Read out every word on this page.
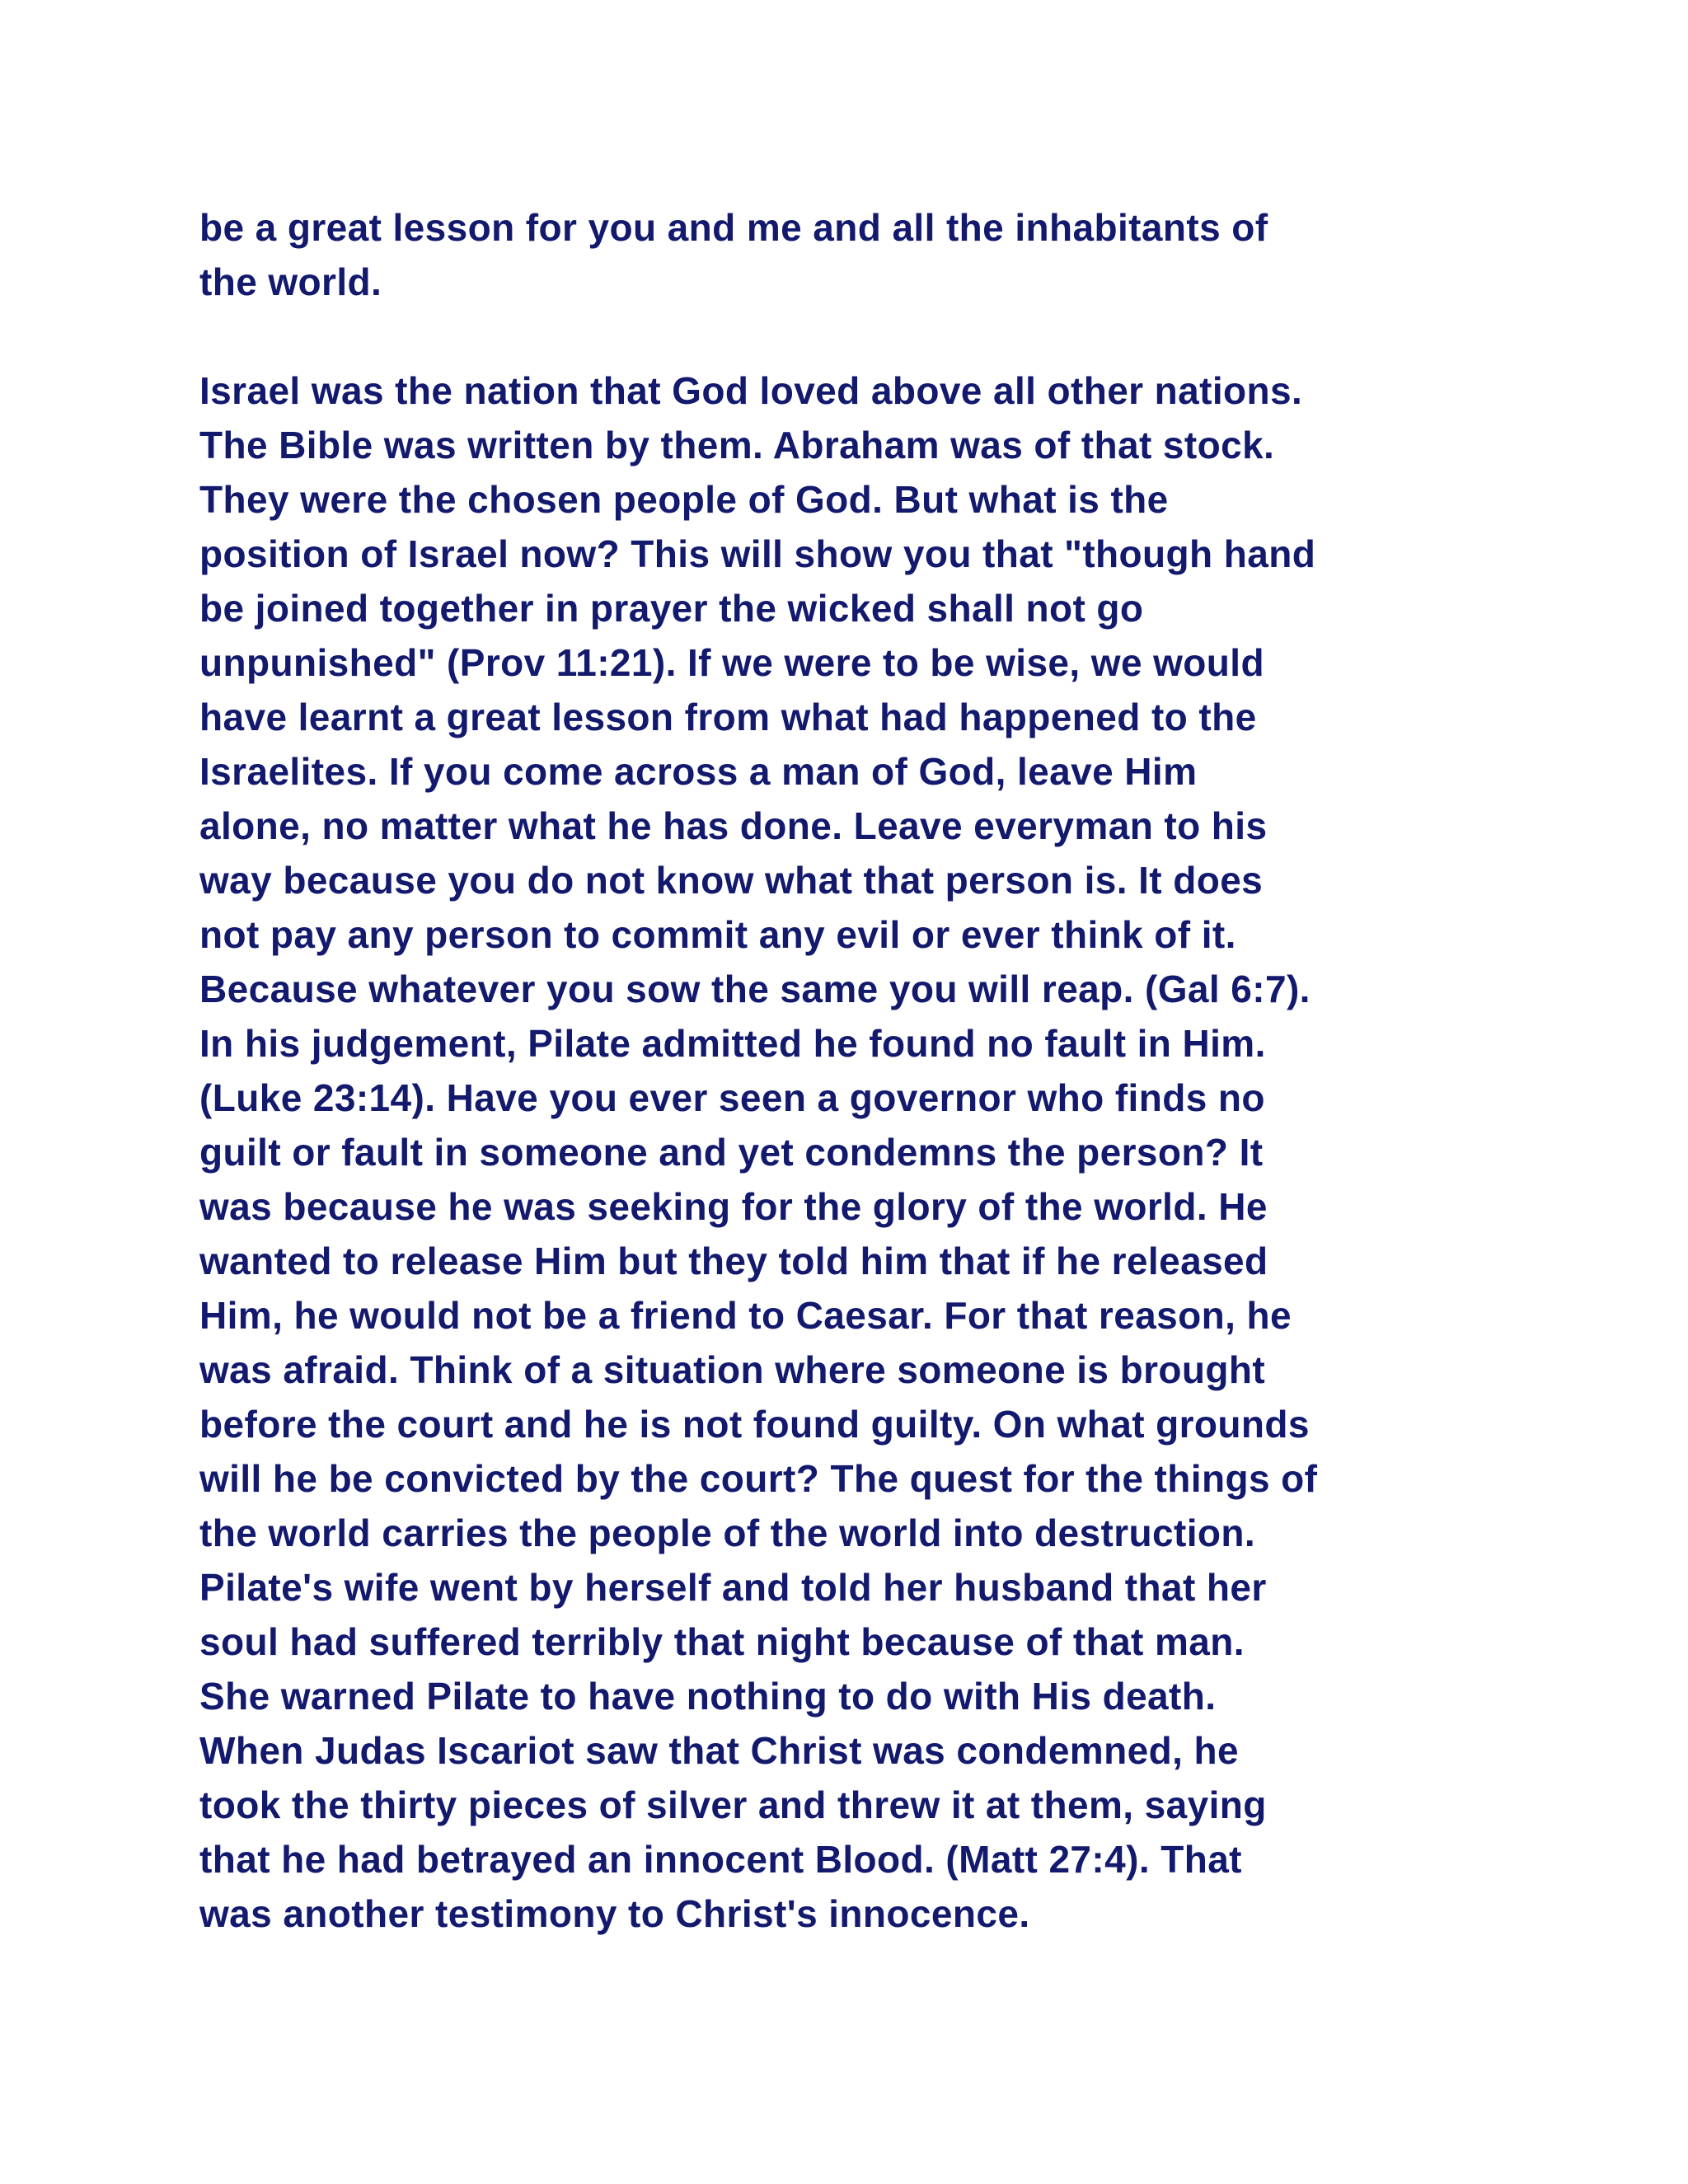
be a great lesson for you and me and all the inhabitants of
the world.
Israel was the nation that God loved above all other nations.
The Bible was written by them. Abraham was of that stock.
They were the chosen people of God. But what is the
position of Israel now? This will show you that "though hand
be joined together in prayer the wicked shall not go
unpunished" (Prov 11:21). If we were to be wise, we would
have learnt a great lesson from what had happened to the
Israelites. If you come across a man of God, leave Him
alone, no matter what he has done. Leave everyman to his
way because you do not know what that person is. It does
not pay any person to commit any evil or ever think of it.
Because whatever you sow the same you will reap. (Gal 6:7).
In his judgement, Pilate admitted he found no fault in Him.
(Luke 23:14). Have you ever seen a governor who finds no
guilt or fault in someone and yet condemns the person? It
was because he was seeking for the glory of the world. He
wanted to release Him but they told him that if he released
Him, he would not be a friend to Caesar. For that reason, he
was afraid. Think of a situation where someone is brought
before the court and he is not found guilty. On what grounds
will he be convicted by the court? The quest for the things of
the world carries the people of the world into destruction.
Pilate's wife went by herself and told her husband that her
soul had suffered terribly that night because of that man.
She warned Pilate to have nothing to do with His death.
When Judas Iscariot saw that Christ was condemned, he
took the thirty pieces of silver and threw it at them, saying
that he had betrayed an innocent Blood. (Matt 27:4). That
was another testimony to Christ's innocence.
